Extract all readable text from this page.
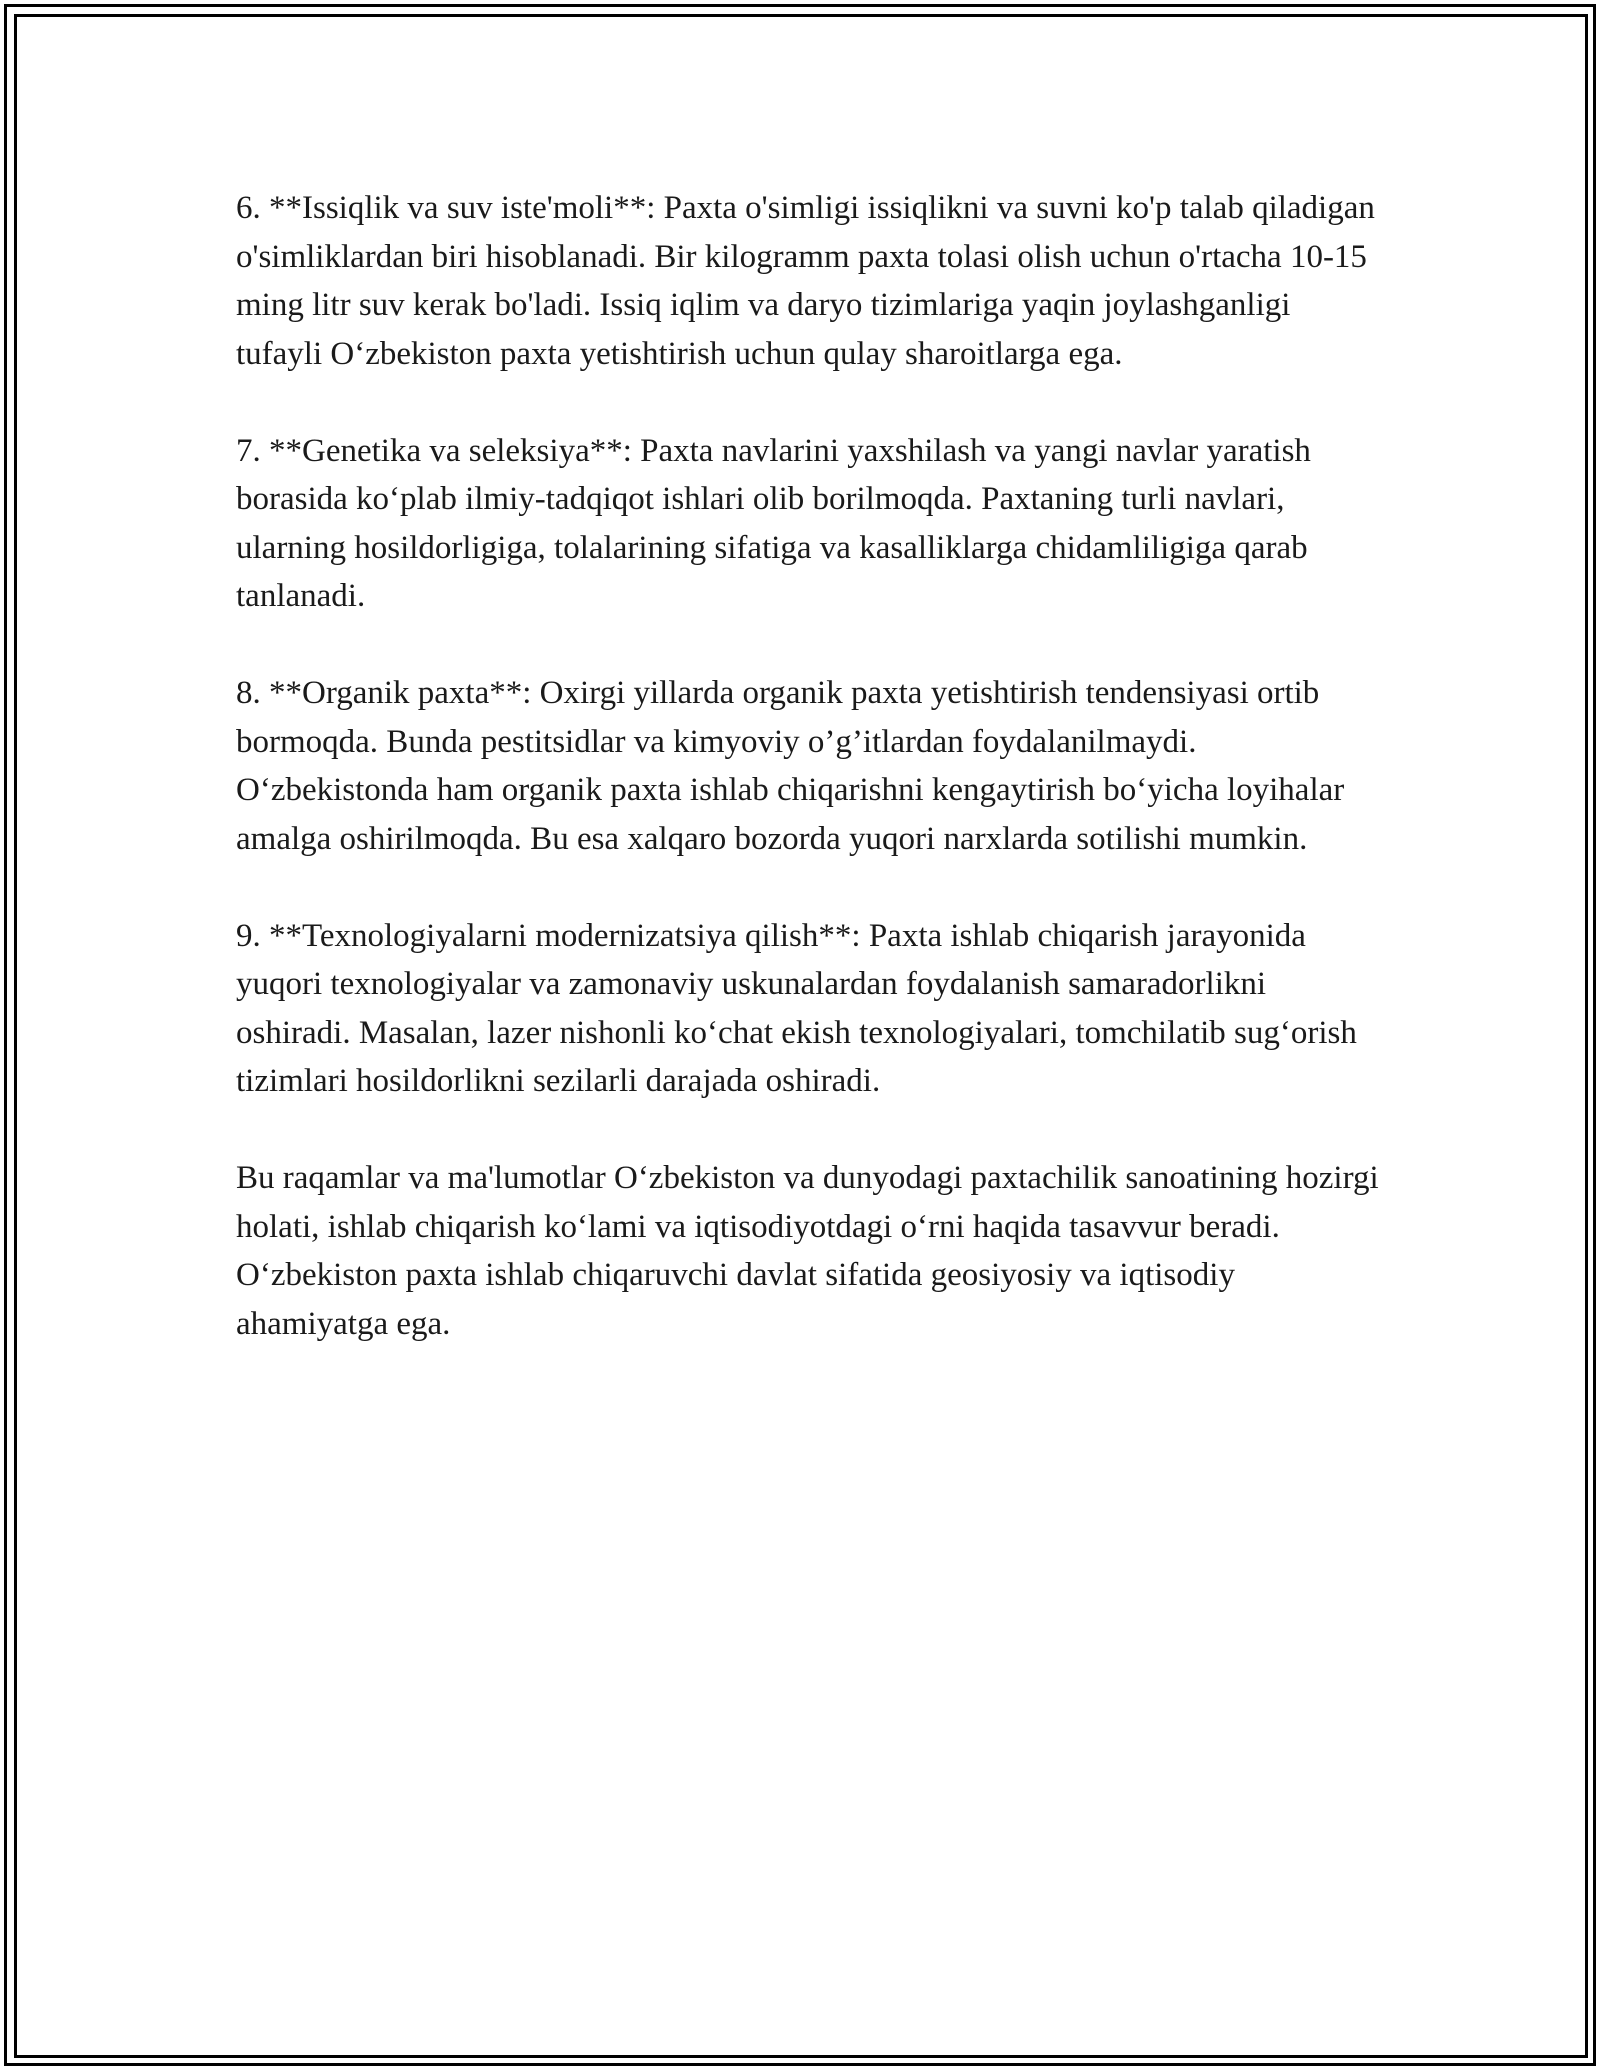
6. **Issiqlik va suv iste'moli**: Paxta o'simligi issiqlikni va suvni ko'p talab qiladigan o'simliklardan biri hisoblanadi. Bir kilogramm paxta tolasi olish uchun o'rtacha 10-15 ming litr suv kerak bo'ladi. Issiq iqlim va daryo tizimlariga yaqin joylashganligi tufayli O‘zbekiston paxta yetishtirish uchun qulay sharoitlarga ega.

7. **Genetika va seleksiya**: Paxta navlarini yaxshilash va yangi navlar yaratish borasida ko‘plab ilmiy-tadqiqot ishlari olib borilmoqda. Paxtaning turli navlari, ularning hosildorligiga, tolalarining sifatiga va kasalliklarga chidamliligiga qarab tanlanadi.

8. **Organik paxta**: Oxirgi yillarda organik paxta yetishtirish tendensiyasi ortib bormoqda. Bunda pestitsidlar va kimyoviy o’g’itlardan foydalanilmaydi. O‘zbekistonda ham organik paxta ishlab chiqarishni kengaytirish bo‘yicha loyihalar amalga oshirilmoqda. Bu esa xalqaro bozorda yuqori narxlarda sotilishi mumkin.

9. **Texnologiyalarni modernizatsiya qilish**: Paxta ishlab chiqarish jarayonida yuqori texnologiyalar va zamonaviy uskunalardan foydalanish samaradorlikni oshiradi. Masalan, lazer nishonli ko‘chat ekish texnologiyalari, tomchilatib sug‘orish tizimlari hosildorlikni sezilarli darajada oshiradi.

Bu raqamlar va ma'lumotlar O‘zbekiston va dunyodagi paxtachilik sanoatining hozirgi holati, ishlab chiqarish ko‘lami va iqtisodiyotdagi o‘rni haqida tasavvur beradi. O‘zbekiston paxta ishlab chiqaruvchi davlat sifatida geosiyosiy va iqtisodiy ahamiyatga ega.
